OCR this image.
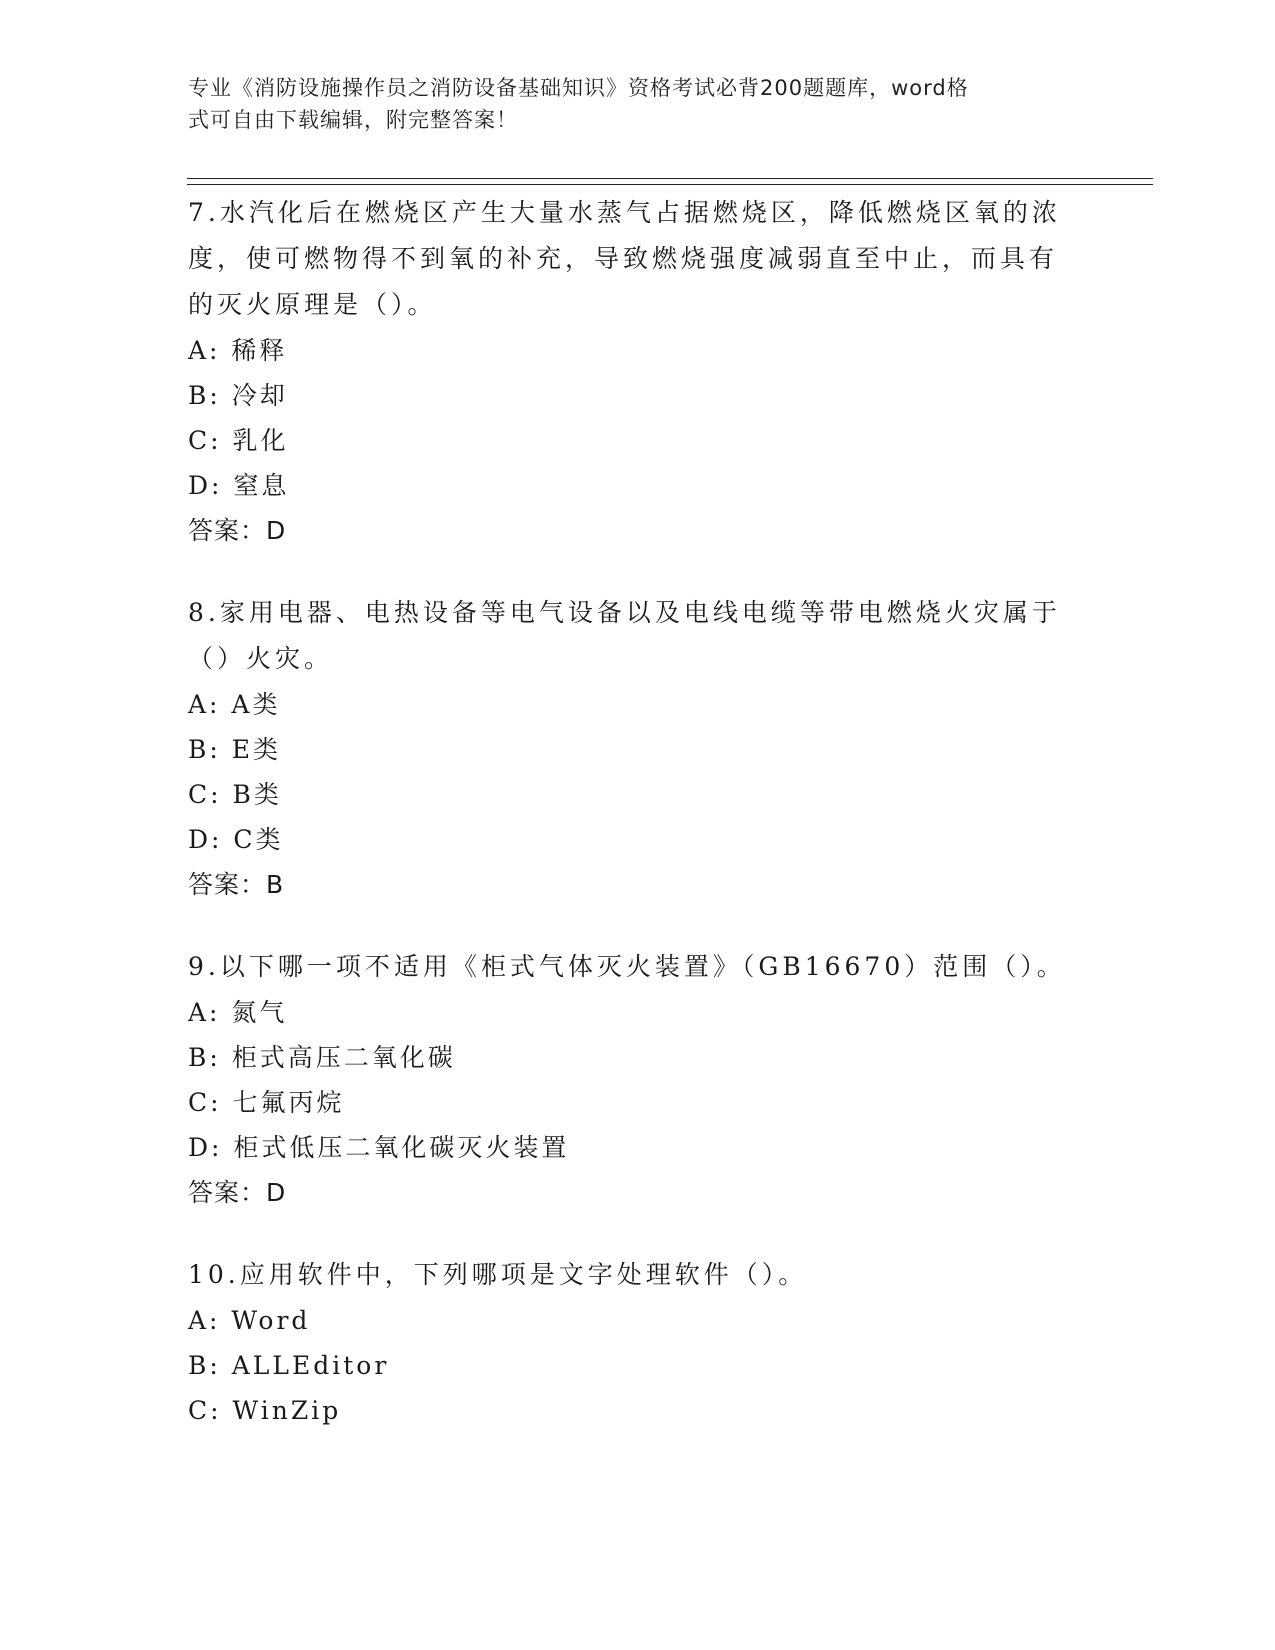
专业《消防设施操作员之消防设备基础知识》资格考试必背200题题库，word格
式可自由下载编辑，附完整答案！
7.水汽化后在燃烧区产生大量水蒸气占据燃烧区，降低燃烧区氧的浓
度，使可燃物得不到氧的补充，导致燃烧强度减弱直至中止，而具有
的灭火原理是（）。
A: 稀释
B: 冷却
C: 乳化
D: 窒息
答案：D
8.家用电器、电热设备等电气设备以及电线电缆等带电燃烧火灾属于
（）火灾。
A: A类
B: E类
C: B类
D: C类
答案：B
9.以下哪一项不适用《柜式气体灭火装置》（GB16670）范围（）。
A: 氮气
B: 柜式高压二氧化碳
C: 七氟丙烷
D: 柜式低压二氧化碳灭火装置
答案：D
10.应用软件中，下列哪项是文字处理软件（）。
A: Word
B: ALLEditor
C: WinZip
